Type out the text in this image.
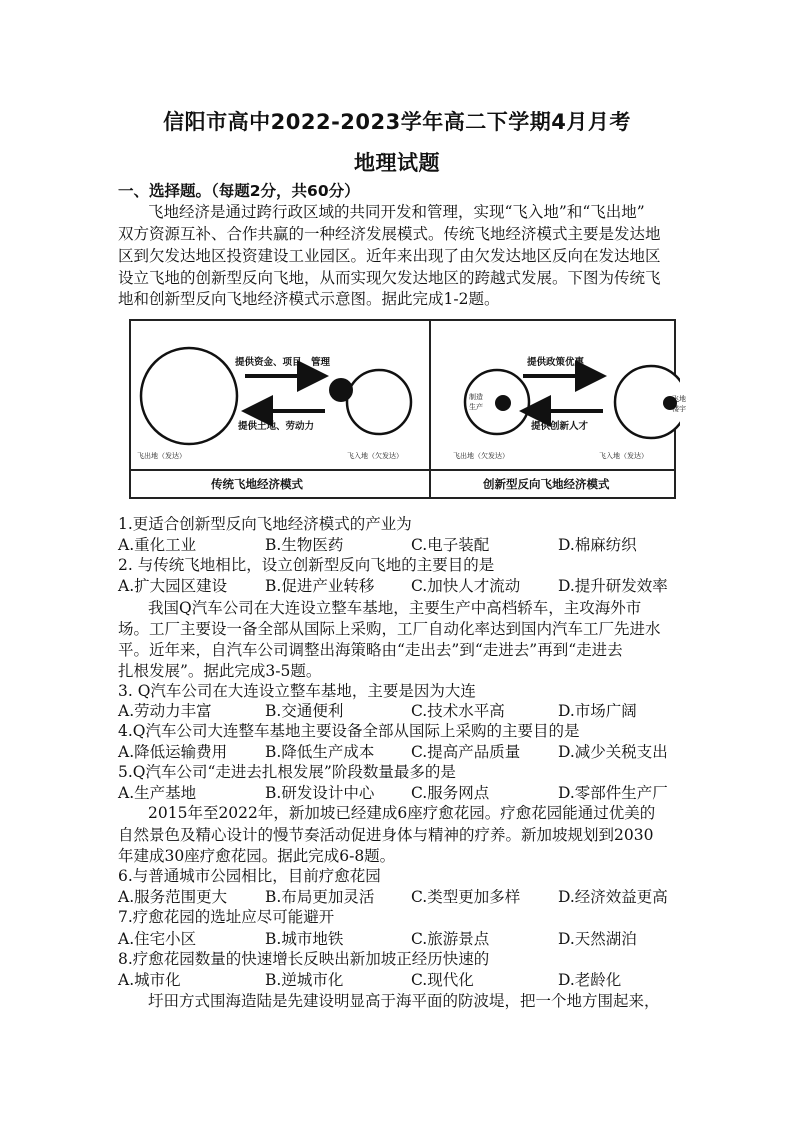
信阳市高中2022-2023学年高二下学期4月月考
地理试题
一、选择题。（每题2分，共60分）
飞地经济是通过跨行政区域的共同开发和管理，实现“飞入地”和“飞出地”
双方资源互补、合作共赢的一种经济发展模式。传统飞地经济模式主要是发达地
区到欠发达地区投资建设工业园区。近年来出现了由欠发达地区反向在发达地区
设立飞地的创新型反向飞地，从而实现欠发达地区的跨越式发展。下图为传统飞
地和创新型反向飞地经济模式示意图。据此完成1-2题。
提供资金、项目、管理
提供土地、劳动力
飞出地（发达）	飞入地（欠发达）
传统飞地经济模式
提供政策优惠
提供创新人才
制造
生产
飞地
楼宇
飞出地（欠发达）	飞入地（发达）
创新型反向飞地经济模式
1.更适合创新型反向飞地经济模式的产业为
A.重化工业	B.生物医药	C.电子装配	D.棉麻纺织
2. 与传统飞地相比，设立创新型反向飞地的主要目的是
A.扩大园区建设 B.促进产业转移 C.加快人才流动 D.提升研发效率
我国Q汽车公司在大连设立整车基地，主要生产中高档轿车，主攻海外市
场。工厂主要设一备全部从国际上采购，工厂自动化率达到国内汽车工厂先进水
平。近年来，自汽车公司调整出海策略由“走出去”到“走进去”再到“走进去
扎根发展”。据此完成3-5题。
3. Q汽车公司在大连设立整车基地，主要是因为大连
A.劳动力丰富	B.交通便利	C.技术水平高	D.市场广阔
4.Q汽车公司大连整车基地主要设备全部从国际上采购的主要目的是
A.降低运输费用 B.降低生产成本 C.提高产品质量 D.减少关税支出
5.Q汽车公司“走进去扎根发展”阶段数量最多的是
A.生产基地	B.研发设计中心 C.服务网点	D.零部件生产厂
2015年至2022年，新加坡已经建成6座疗愈花园。疗愈花园能通过优美的
自然景色及精心设计的慢节奏活动促进身体与精神的疗养。新加坡规划到2030
年建成30座疗愈花园。据此完成6-8题。
6.与普通城市公园相比，目前疗愈花园
A.服务范围更大 B.布局更加灵活 C.类型更加多样 D.经济效益更高
7.疗愈花园的选址应尽可能避开
A.住宅小区	B.城市地铁	C.旅游景点	D.天然湖泊
8.疗愈花园数量的快速增长反映出新加坡正经历快速的
A.城市化	B.逆城市化	C.现代化	D.老龄化
圩田方式围海造陆是先建设明显高于海平面的防波堤，把一个地方围起来，
